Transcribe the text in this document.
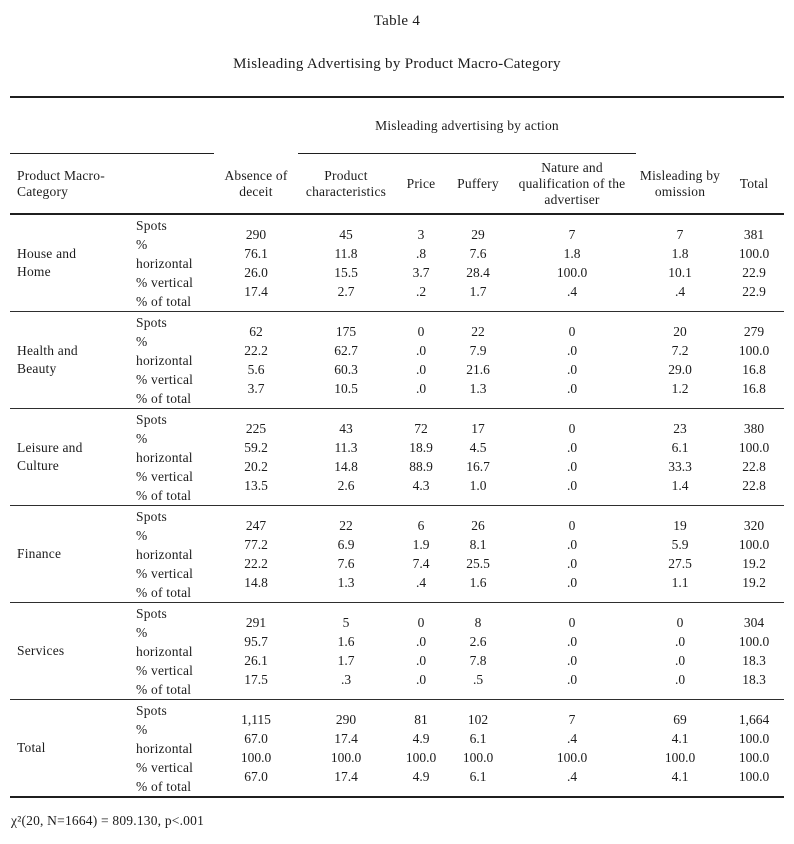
Table 4
Misleading Advertising by Product Macro-Category
Misleading advertising by action
Product Macro-Category
Absence of deceit
Product characteristics
Price	Puffery
Nature and qualification of the advertiser
Misleading by omission
Total
House and Home
Spots
% horizontal
% vertical
% of total
290
76.1
26.0
17.4
45
11.8
15.5
2.7
3
.8
3.7
.2
29
7.6
28.4
1.7
7
1.8
100.0
.4
7
1.8
10.1
.4
381
100.0
22.9
22.9
Health and Beauty
Spots
% horizontal
% vertical
% of total
62
22.2
5.6
3.7
175
62.7
60.3
10.5
0
.0
.0
.0
22
7.9
21.6
1.3
0
.0
.0
.0
20
7.2
29.0
1.2
279
100.0
16.8
16.8
Leisure and Culture
Spots
% horizontal
% vertical
% of total
225
59.2
20.2
13.5
43
11.3
14.8
2.6
72
18.9
88.9
4.3
17
4.5
16.7
1.0
0
.0
.0
.0
23
6.1
33.3
1.4
380
100.0
22.8
22.8
Finance
Spots
% horizontal
% vertical
% of total
247
77.2
22.2
14.8
22
6.9
7.6
1.3
6
1.9
7.4
.4
26
8.1
25.5
1.6
0
.0
.0
.0
19
5.9
27.5
1.1
320
100.0
19.2
19.2
Services
Spots
% horizontal
% vertical
% of total
291
95.7
26.1
17.5
5
1.6
1.7
.3
0
.0
.0
.0
8
2.6
7.8
.5
0
.0
.0
.0
0
.0
.0
.0
304
100.0
18.3
18.3
Total
Spots
% horizontal
% vertical
% of total
1,115
67.0
100.0
67.0
290
17.4
100.0
17.4
81
4.9
100.0
4.9
102
6.1
100.0
6.1
7
.4
100.0
.4
69
4.1
100.0
4.1
1,664
100.0
100.0
100.0
χ²(20, N=1664) = 809.130, p<.001
